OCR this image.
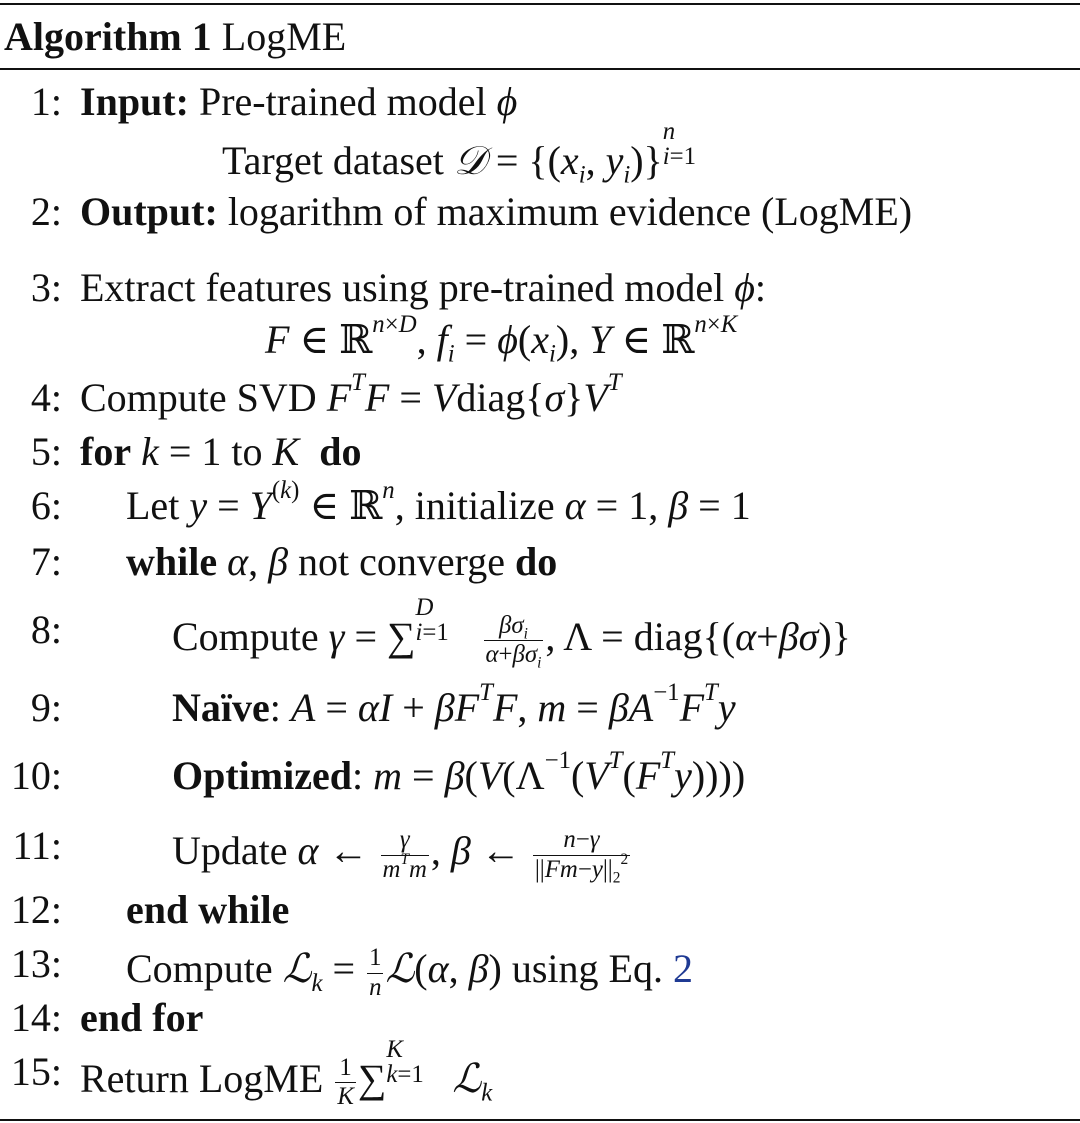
Algorithm 1 LogME
1: Input: Pre-trained model ϕ
Target dataset 𝒟 = {($x_i$, $y_i$)}
n
i=1
2: Output: logarithm of maximum evidence (LogME)
3: Extract features using pre-trained model ϕ:
F ∈ ℝ$^{n\times D}$, $f_i = \phi(x_i)$, Y ∈ ℝ$^{n\times K}$
4: Compute SVD $F^TF$ = $Vdiag\{\sigma\}V^T$
5: for k = 1 to K do
6: Let $y = Y^{(k)}$ ∈ ℝ$^n$, initialize α = 1, β = 1
7: while α, β not converge do
8:	Compute γ = ∑
D
i=1
$\frac{\beta\sigma_i}{\alpha+\beta\sigma_i}$ , Λ = diag{(α+βσ)}
9:	Naïve: $A = \alpha I + \beta F^TF$, $m = \beta A^{-1}F^Ty$
10:	Optimized: $m = \beta(V(\Lambda^{-1}(V^T(F^Ty))))$
11:	Update α ← $\frac{\gamma}{m^Tm}$ , β ← $\frac{n-\gamma}{||Fm-y||_2^2}$
12: end while
13: Compute ℒ$_k$ = $\frac{1}{n}$ ℒ(α, β) using Eq. 2
14: end for
15: Return LogME $\frac{1}{K}$ ∑
K
k=1 ℒ$_k$
